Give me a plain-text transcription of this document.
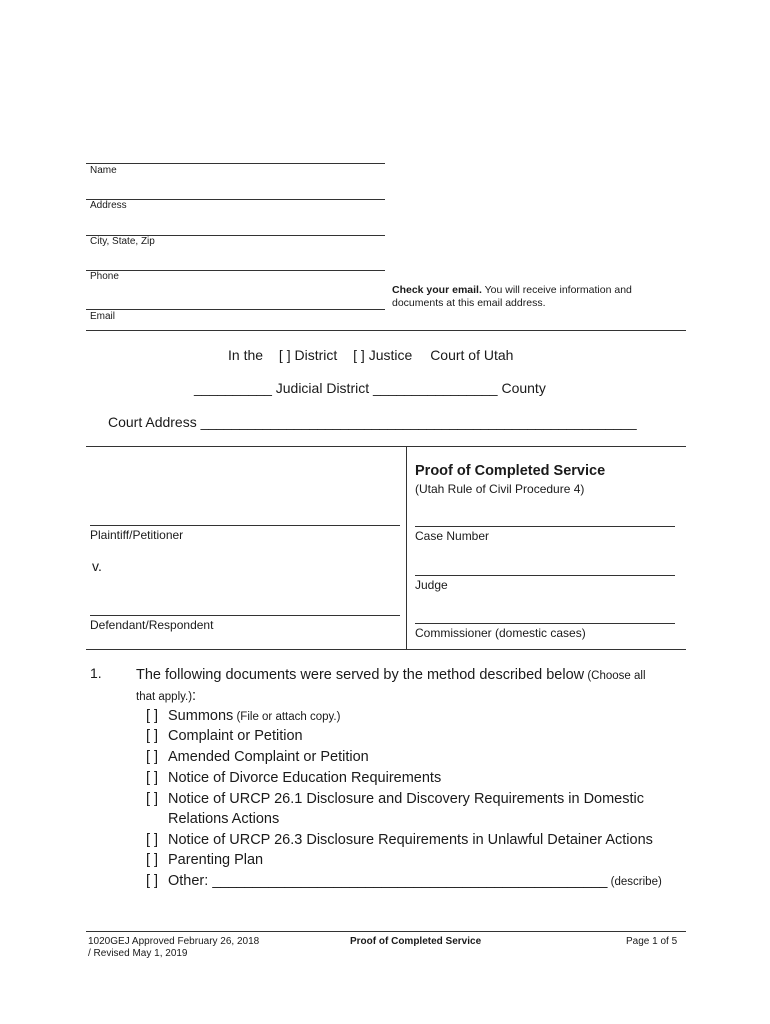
Name
Address
City, State, Zip
Phone
Email
Check your email. You will receive information and
documents at this email address.
In the [ ] District [ ] Justice Court of Utah
__________ Judicial District ________________ County
Court Address ________________________________________________________
Plaintiff/Petitioner
v.
Defendant/Respondent
Proof of Completed Service
(Utah Rule of Civil Procedure 4)
Case Number
Judge
Commissioner (domestic cases)
1. The following documents were served by the method described below (Choose all
that apply.):
[ ] Summons (File or attach copy.)
[ ] Complaint or Petition
[ ] Amended Complaint or Petition
[ ] Notice of Divorce Education Requirements
[ ] Notice of URCP 26.1 Disclosure and Discovery Requirements in Domestic
Relations Actions
[ ] Notice of URCP 26.3 Disclosure Requirements in Unlawful Detainer Actions
[ ] Parenting Plan
[ ] Other: _________________________________________________ (describe)
1020GEJ Approved February 26, 2018
/ Revised May 1, 2019
Proof of Completed Service	Page 1 of 5
